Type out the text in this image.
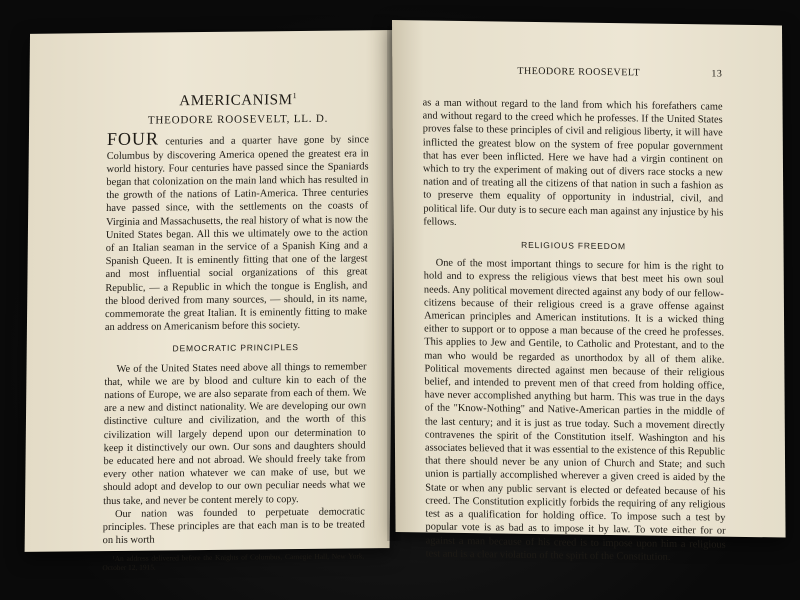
AMERICANISM$^1$
THEODORE ROOSEVELT, LL. D.

FOUR centuries and a quarter have gone by since Columbus by discovering America opened the greatest era in world history. Four centuries have passed since the Spaniards began that colonization on the main land which has resulted in the growth of the nations of Latin-America. Three centuries have passed since, with the settlements on the coasts of Virginia and Massachusetts, the real history of what is now the United States began. All this we ultimately owe to the action of an Italian seaman in the service of a Spanish King and a Spanish Queen. It is eminently fitting that one of the largest and most influential social organizations of this great Republic, — a Republic in which the tongue is English, and the blood derived from many sources, — should, in its name, commemorate the great Italian. It is eminently fitting to make an address on Americanism before this society.

DEMOCRATIC PRINCIPLES

We of the United States need above all things to remember that, while we are by blood and culture kin to each of the nations of Europe, we are also separate from each of them. We are a new and distinct nationality. We are developing our own distinctive culture and civilization, and the worth of this civilization will largely depend upon our determination to keep it distinctively our own. Our sons and daughters should be educated here and not abroad. We should freely take from every other nation whatever we can make of use, but we should adopt and develop to our own peculiar needs what we thus take, and never be content merely to copy.

Our nation was founded to perpetuate democratic principles. These principles are that each man is to be treated on his worth

¹An address delivered before the Knights of Columbus, Carnegie Hall, New York, October 12, 1915.

THEODORE ROOSEVELT	13

as a man without regard to the land from which his forefathers came and without regard to the creed which he professes. If the United States proves false to these principles of civil and religious liberty, it will have inflicted the greatest blow on the system of free popular government that has ever been inflicted. Here we have had a virgin continent on which to try the experiment of making out of divers race stocks a new nation and of treating all the citizens of that nation in such a fashion as to preserve them equality of opportunity in industrial, civil, and political life. Our duty is to secure each man against any injustice by his fellows.

RELIGIOUS FREEDOM

One of the most important things to secure for him is the right to hold and to express the religious views that best meet his own soul needs. Any political movement directed against any body of our fellow-citizens because of their religious creed is a grave offense against American principles and American institutions. It is a wicked thing either to support or to oppose a man because of the creed he professes. This applies to Jew and Gentile, to Catholic and Protestant, and to the man who would be regarded as unorthodox by all of them alike. Political movements directed against men because of their religious belief, and intended to prevent men of that creed from holding office, have never accomplished anything but harm. This was true in the days of the "Know-Nothing" and Native-American parties in the middle of the last century; and it is just as true today. Such a movement directly contravenes the spirit of the Constitution itself. Washington and his associates believed that it was essential to the existence of this Republic that there should never be any union of Church and State; and such union is partially accomplished wherever a given creed is aided by the State or when any public servant is elected or defeated because of his creed. The Constitution explicitly forbids the requiring of any religious test as a qualification for holding office. To impose such a test by popular vote is as bad as to impose it by law. To vote either for or against a man because of his creed is to impose upon him a religious test and is a clear violation of the spirit of the Constitution.
